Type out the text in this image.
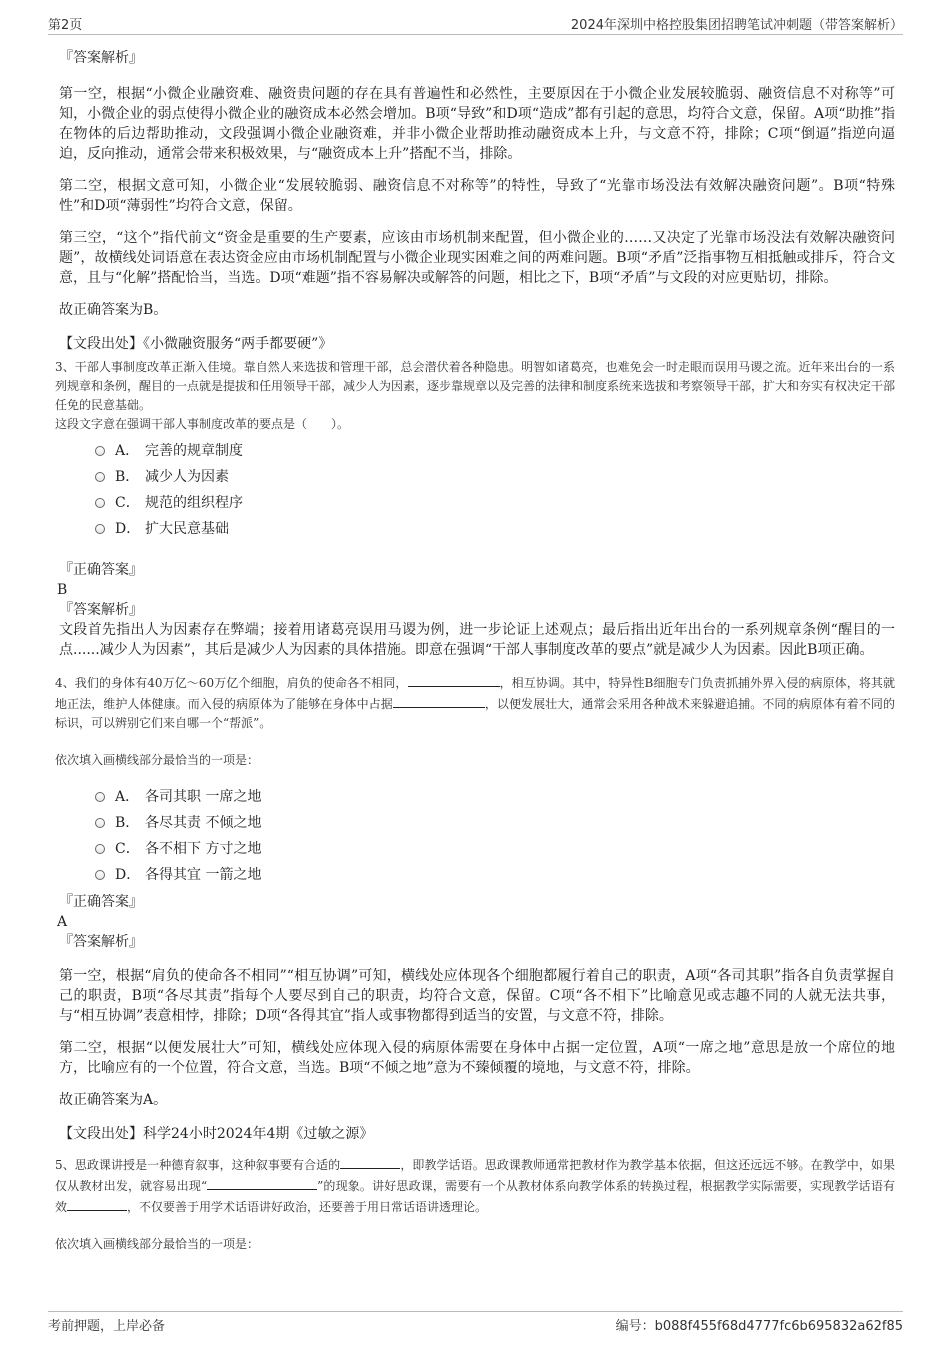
第2页	2024年深圳中格控股集团招聘笔试冲刺题（带答案解析）

『答案解析』

第一空，根据“小微企业融资难、融资贵问题的存在具有普遍性和必然性，主要原因在于小微企业发展较脆弱、融资信息不对称等”可知，小微企业的弱点使得小微企业的融资成本必然会增加。B项“导致”和D项“造成”都有引起的意思，均符合文意，保留。A项“助推”指在物体的后边帮助推动，文段强调小微企业融资难，并非小微企业帮助推动融资成本上升，与文意不符，排除；C项“倒逼”指逆向逼迫，反向推动，通常会带来积极效果，与“融资成本上升”搭配不当，排除。

第二空，根据文意可知，小微企业“发展较脆弱、融资信息不对称等”的特性，导致了“光靠市场没法有效解决融资问题”。B项“特殊性”和D项“薄弱性”均符合文意，保留。

第三空，“这个”指代前文“资金是重要的生产要素，应该由市场机制来配置，但小微企业的……又决定了光靠市场没法有效解决融资问题”，故横线处词语意在表达资金应由市场机制配置与小微企业现实困难之间的两难问题。B项“矛盾”泛指事物互相抵触或排斥，符合文意，且与“化解”搭配恰当，当选。D项“难题”指不容易解决或解答的问题，相比之下，B项“矛盾”与文段的对应更贴切，排除。

故正确答案为B。

【文段出处】《小微融资服务“两手都要硬”》

3、干部人事制度改革正渐入佳境。靠自然人来选拔和管理干部，总会潜伏着各种隐患。明智如诸葛亮，也难免会一时走眼而误用马谡之流。近年来出台的一系列规章和条例，醒目的一点就是提拔和任用领导干部，减少人为因素，逐步靠规章以及完善的法律和制度系统来选拔和考察领导干部，扩大和夯实有权决定干部任免的民意基础。

这段文字意在强调干部人事制度改革的要点是（　　）。

A． 完善的规章制度
B． 减少人为因素
C． 规范的组织程序
D． 扩大民意基础

『正确答案』

B

『答案解析』

文段首先指出人为因素存在弊端；接着用诸葛亮误用马谡为例，进一步论证上述观点；最后指出近年出台的一系列规章条例“醒目的一点......减少人为因素”，其后是减少人为因素的具体措施。即意在强调“干部人事制度改革的要点”就是减少人为因素。因此B项正确。

4、我们的身体有40万亿～60万亿个细胞，肩负的使命各不相同，	，相互协调。其中，特异性B细胞专门负责抓捕外界入侵的病原体，将其就地正法，维护人体健康。而入侵的病原体为了能够在身体中占据	，以便发展壮大，通常会采用各种战术来躲避追捕。不同的病原体有着不同的标识，可以辨别它们来自哪一个“帮派”。

依次填入画横线部分最恰当的一项是：

A． 各司其职 一席之地
B． 各尽其责 不倾之地
C． 各不相下 方寸之地
D． 各得其宜 一箭之地

『正确答案』

A

『答案解析』

第一空，根据“肩负的使命各不相同”“相互协调”可知，横线处应体现各个细胞都履行着自己的职责，A项“各司其职”指各自负责掌握自己的职责，B项“各尽其责”指每个人要尽到自己的职责，均符合文意，保留。C项“各不相下”比喻意见或志趣不同的人就无法共事，与“相互协调”表意相悖，排除；D项“各得其宜”指人或事物都得到适当的安置，与文意不符，排除。

第二空，根据“以便发展壮大”可知，横线处应体现入侵的病原体需要在身体中占据一定位置，A项“一席之地”意思是放一个席位的地方，比喻应有的一个位置，符合文意，当选。B项“不倾之地”意为不臻倾覆的境地，与文意不符，排除。

故正确答案为A。

【文段出处】科学24小时2024年4期《过敏之源》

5、思政课讲授是一种德育叙事，这种叙事要有合适的	，即教学话语。思政课教师通常把教材作为教学基本依据，但这还远远不够。在教学中，如果仅从教材出发，就容易出现“	”的现象。讲好思政课，需要有一个从教材体系向教学体系的转换过程，根据教学实际需要，实现教学话语有效	，不仅要善于用学术话语讲好政治，还要善于用日常话语讲透理论。

依次填入画横线部分最恰当的一项是：

考前押题，上岸必备	编号：b088f455f68d4777fc6b695832a62f85
